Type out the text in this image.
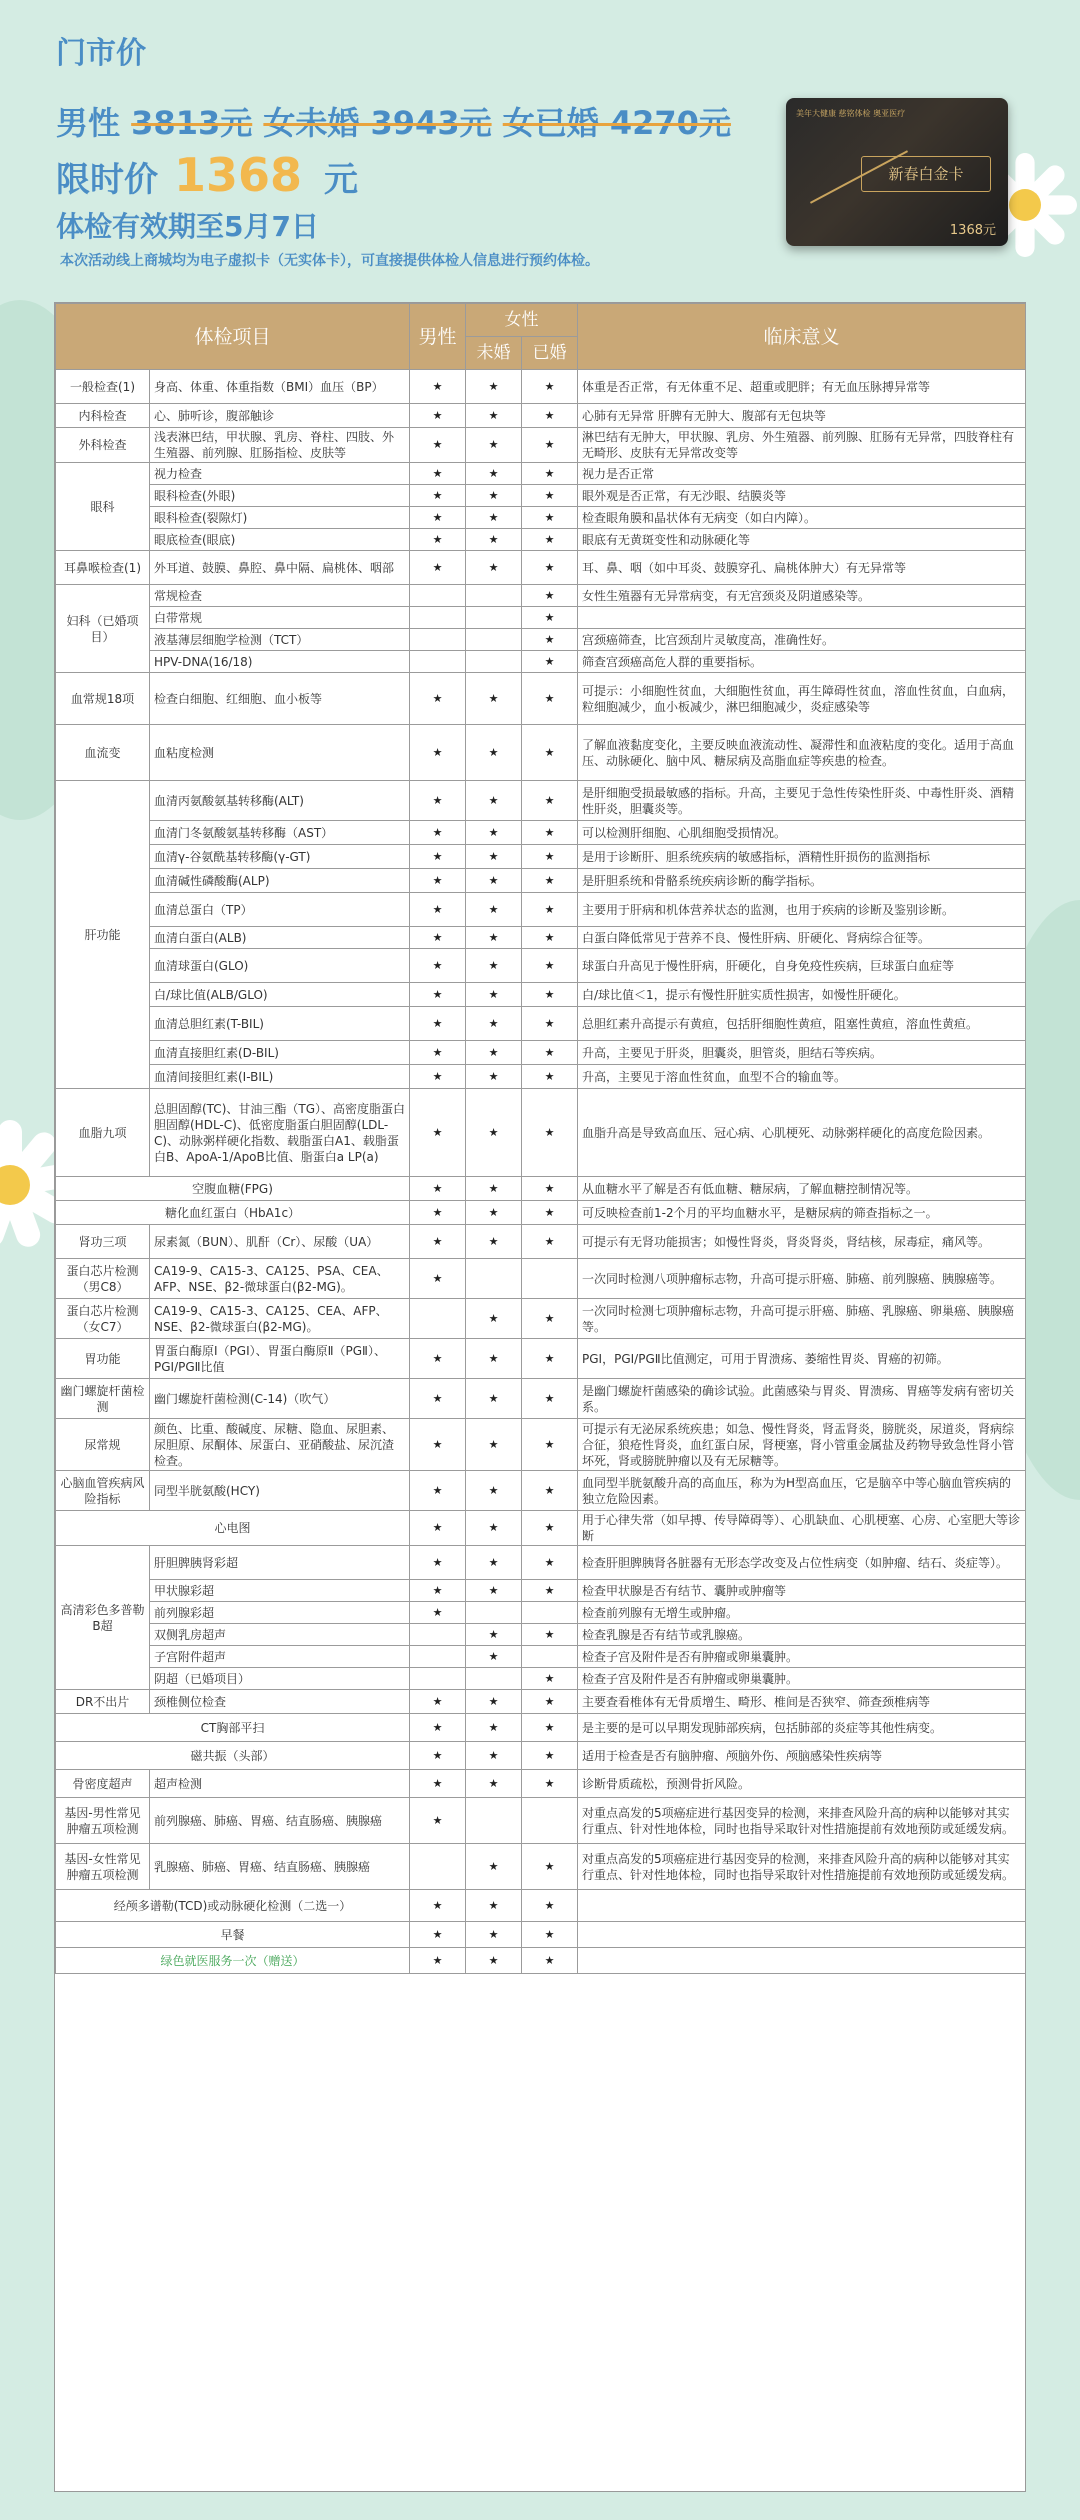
门市价
男性 3813元 女未婚 3943元 女已婚 4270元
限时价 1368 元
体检有效期至5月7日
本次活动线上商城均为电子虚拟卡（无实体卡），可直接提供体检人信息进行预约体检。
美年大健康 慈铭体检 奥亚医疗
新春白金卡
1368元
体检项目		男性	女性		临床意义
			未婚	已婚	
一般检查(1)	身高、体重、体重指数（BMI）血压（BP）	★	★	★	体重是否正常，有无体重不足、超重或肥胖；有无血压脉搏异常等
内科检查	心、肺听诊，腹部触诊	★	★	★	心肺有无异常 肝脾有无肿大、腹部有无包块等
外科检查	浅表淋巴结，甲状腺、乳房、脊柱、四肢、外生殖器、前列腺、肛肠指检、皮肤等	★	★	★	淋巴结有无肿大，甲状腺、乳房、外生殖器、前列腺、肛肠有无异常，四肢脊柱有无畸形、皮肤有无异常改变等
眼科	视力检查	★	★	★	视力是否正常
	眼科检查(外眼)	★	★	★	眼外观是否正常，有无沙眼、结膜炎等
	眼科检查(裂隙灯)	★	★	★	检查眼角膜和晶状体有无病变（如白内障）。
	眼底检查(眼底)	★	★	★	眼底有无黄斑变性和动脉硬化等
耳鼻喉检查(1)	外耳道、鼓膜、鼻腔、鼻中隔、扁桃体、咽部	★	★	★	耳、鼻、咽（如中耳炎、鼓膜穿孔、扁桃体肿大）有无异常等
妇科（已婚项目）	常规检查			★	女性生殖器有无异常病变，有无宫颈炎及阴道感染等。
	白带常规			★	
	液基薄层细胞学检测（TCT）			★	宫颈癌筛查，比宫颈刮片灵敏度高，准确性好。
	HPV-DNA(16/18)			★	筛查宫颈癌高危人群的重要指标。
血常规18项	检查白细胞、红细胞、血小板等	★	★	★	可提示：小细胞性贫血，大细胞性贫血，再生障碍性贫血，溶血性贫血，白血病，粒细胞减少，血小板减少，淋巴细胞减少，炎症感染等
血流变	血粘度检测	★	★	★	了解血液黏度变化，主要反映血液流动性、凝滞性和血液粘度的变化。适用于高血压、动脉硬化、脑中风、糖尿病及高脂血症等疾患的检查。
肝功能	血清丙氨酸氨基转移酶(ALT)	★	★	★	是肝细胞受损最敏感的指标。升高，主要见于急性传染性肝炎、中毒性肝炎、酒精性肝炎，胆囊炎等。
	血清门冬氨酸氨基转移酶（AST）	★	★	★	可以检测肝细胞、心肌细胞受损情况。
	血清γ-谷氨酰基转移酶(γ-GT)	★	★	★	是用于诊断肝、胆系统疾病的敏感指标，酒精性肝损伤的监测指标
	血清碱性磷酸酶(ALP)	★	★	★	是肝胆系统和骨骼系统疾病诊断的酶学指标。
	血清总蛋白（TP）	★	★	★	主要用于肝病和机体营养状态的监测，也用于疾病的诊断及鉴别诊断。
	血清白蛋白(ALB)	★	★	★	白蛋白降低常见于营养不良、慢性肝病、肝硬化、肾病综合征等。
	血清球蛋白(GLO)	★	★	★	球蛋白升高见于慢性肝病，肝硬化，自身免疫性疾病，巨球蛋白血症等
	白/球比值(ALB/GLO)	★	★	★	白/球比值＜1，提示有慢性肝脏实质性损害，如慢性肝硬化。
	血清总胆红素(T-BIL)	★	★	★	总胆红素升高提示有黄疸，包括肝细胞性黄疸，阻塞性黄疸，溶血性黄疸。
	血清直接胆红素(D-BIL)	★	★	★	升高，主要见于肝炎，胆囊炎，胆管炎，胆结石等疾病。
	血清间接胆红素(I-BIL)	★	★	★	升高，主要见于溶血性贫血，血型不合的输血等。
血脂九项	总胆固醇(TC)、甘油三酯（TG）、高密度脂蛋白胆固醇(HDL-C)、低密度脂蛋白胆固醇(LDL-C)、动脉粥样硬化指数、载脂蛋白A1、载脂蛋白B、ApoA-1/ApoB比值、脂蛋白a LP(a)	★	★	★	血脂升高是导致高血压、冠心病、心肌梗死、动脉粥样硬化的高度危险因素。
空腹血糖(FPG)		★	★	★	从血糖水平了解是否有低血糖、糖尿病，了解血糖控制情况等。
糖化血红蛋白（HbA1c）		★	★	★	可反映检查前1-2个月的平均血糖水平，是糖尿病的筛查指标之一。
肾功三项	尿素氮（BUN）、肌酐（Cr）、尿酸（UA）	★	★	★	可提示有无肾功能损害；如慢性肾炎，肾炎肾炎，肾结核，尿毒症，痛风等。
蛋白芯片检测（男C8）	CA19-9、CA15-3、CA125、PSA、CEA、AFP、NSE、β2-微球蛋白(β2-MG)。	★			一次同时检测八项肿瘤标志物，升高可提示肝癌、肺癌、前列腺癌、胰腺癌等。
蛋白芯片检测（女C7）	CA19-9、CA15-3、CA125、CEA、AFP、NSE、β2-微球蛋白(β2-MG)。		★	★	一次同时检测七项肿瘤标志物，升高可提示肝癌、肺癌、乳腺癌、卵巢癌、胰腺癌等。
胃功能	胃蛋白酶原Ⅰ（PGⅠ）、胃蛋白酶原Ⅱ（PGⅡ）、PGⅠ/PGⅡ比值	★	★	★	PGⅠ，PGⅠ/PGⅡ比值测定，可用于胃溃疡、萎缩性胃炎、胃癌的初筛。
幽门螺旋杆菌检测	幽门螺旋杆菌检测(C-14)（吹气）	★	★	★	是幽门螺旋杆菌感染的确诊试验。此菌感染与胃炎、胃溃疡、胃癌等发病有密切关系。
尿常规	颜色、比重、酸碱度、尿糖、隐血、尿胆素、尿胆原、尿酮体、尿蛋白、亚硝酸盐、尿沉渣检查。	★	★	★	可提示有无泌尿系统疾患；如急、慢性肾炎，肾盂肾炎，膀胱炎，尿道炎，肾病综合征，狼疮性肾炎，血红蛋白尿，肾梗塞，肾小管重金属盐及药物导致急性肾小管坏死，肾或膀胱肿瘤以及有无尿糖等。
心脑血管疾病风险指标	同型半胱氨酸(HCY)	★	★	★	血同型半胱氨酸升高的高血压，称为为H型高血压，它是脑卒中等心脑血管疾病的独立危险因素。
心电图		★	★	★	用于心律失常（如早搏、传导障碍等）、心肌缺血、心肌梗塞、心房、心室肥大等诊断
高清彩色多普勒B超	肝胆脾胰肾彩超	★	★	★	检查肝胆脾胰肾各脏器有无形态学改变及占位性病变（如肿瘤、结石、炎症等）。
	甲状腺彩超	★	★	★	检查甲状腺是否有结节、囊肿或肿瘤等
	前列腺彩超	★			检查前列腺有无增生或肿瘤。
	双侧乳房超声		★	★	检查乳腺是否有结节或乳腺癌。
	子宫附件超声		★		检查子宫及附件是否有肿瘤或卵巢囊肿。
	阴超（已婚项目）			★	检查子宫及附件是否有肿瘤或卵巢囊肿。
DR不出片	颈椎侧位检查	★	★	★	主要查看椎体有无骨质增生、畸形、椎间是否狭窄、筛查颈椎病等
CT胸部平扫		★	★	★	是主要的是可以早期发现肺部疾病，包括肺部的炎症等其他性病变。
磁共振（头部）		★	★	★	适用于检查是否有脑肿瘤、颅脑外伤、颅脑感染性疾病等
骨密度超声	超声检测	★	★	★	诊断骨质疏松，预测骨折风险。
基因-男性常见肿瘤五项检测	前列腺癌、肺癌、胃癌、结直肠癌、胰腺癌	★			对重点高发的5项癌症进行基因变异的检测，来排查风险升高的病种以能够对其实行重点、针对性地体检，同时也指导采取针对性措施提前有效地预防或延缓发病。
基因-女性常见肿瘤五项检测	乳腺癌、肺癌、胃癌、结直肠癌、胰腺癌		★	★	对重点高发的5项癌症进行基因变异的检测，来排查风险升高的病种以能够对其实行重点、针对性地体检，同时也指导采取针对性措施提前有效地预防或延缓发病。
经颅多谱勒(TCD)或动脉硬化检测（二选一）		★	★	★	
早餐		★	★	★	
绿色就医服务一次（赠送）		★	★	★	
